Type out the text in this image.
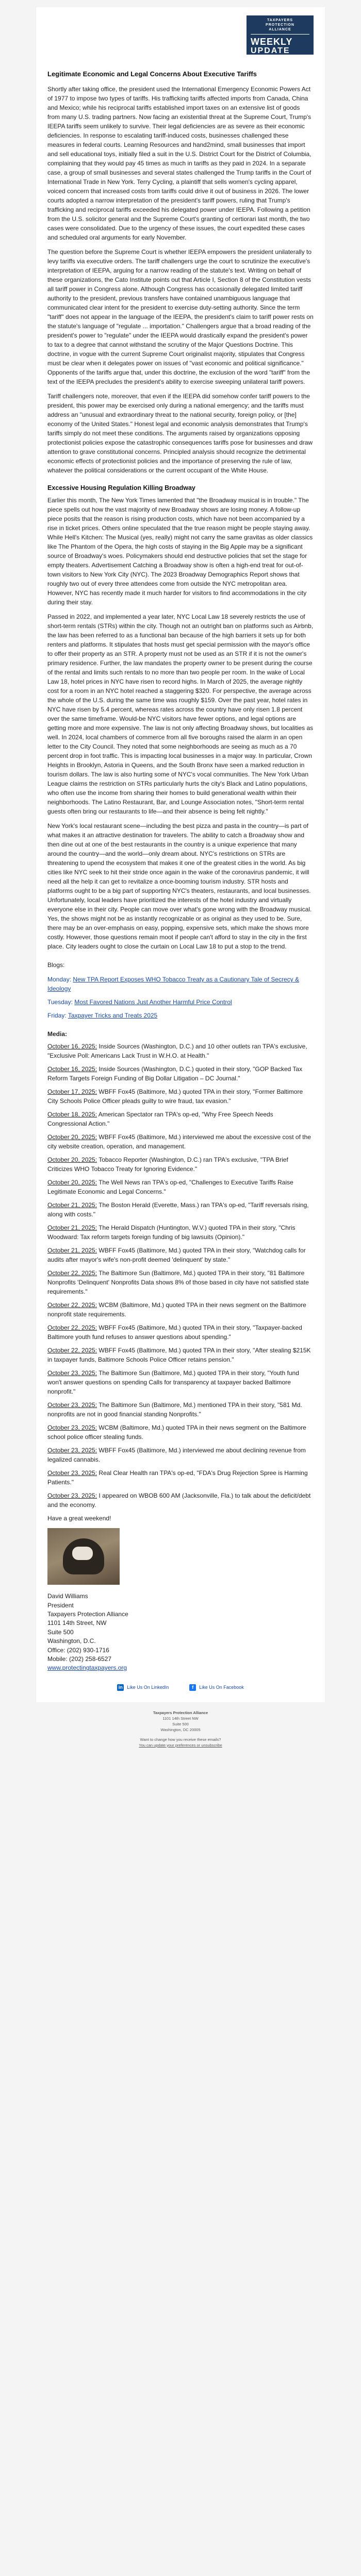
TAXPAYERS
PROTECTION
ALLIANCE
WEEKLY
UPDATE
Legitimate Economic and Legal Concerns About Executive Tariffs

Shortly after taking office, the president used the International Emergency Economic Powers Act of 1977 to impose two types of tariffs. His trafficking tariffs affected imports from Canada, China and Mexico; while his reciprocal tariffs established import taxes on an extensive list of goods from many U.S. trading partners. Now facing an existential threat at the Supreme Court, Trump's IEEPA tariffs seem unlikely to survive. Their legal deficiencies are as severe as their economic deficiencies. In response to escalating tariff-induced costs, businesses challenged these measures in federal courts. Learning Resources and hand2mind, small businesses that import and sell educational toys, initially filed a suit in the U.S. District Court for the District of Columbia, complaining that they would pay 45 times as much in tariffs as they paid in 2024. In a separate case, a group of small businesses and several states challenged the Trump tariffs in the Court of International Trade in New York. Terry Cycling, a plaintiff that sells women's cycling apparel, voiced concern that increased costs from tariffs could drive it out of business in 2026. The lower courts adopted a narrow interpretation of the president's tariff powers, ruling that Trump's trafficking and reciprocal tariffs exceeded his delegated power under IEEPA. Following a petition from the U.S. solicitor general and the Supreme Court's granting of certiorari last month, the two cases were consolidated. Due to the urgency of these issues, the court expedited these cases and scheduled oral arguments for early November.

The question before the Supreme Court is whether IEEPA empowers the president unilaterally to levy tariffs via executive orders. The tariff challengers urge the court to scrutinize the executive's interpretation of IEEPA, arguing for a narrow reading of the statute's text. Writing on behalf of these organizations, the Cato Institute points out that Article I, Section 8 of the Constitution vests all tariff power in Congress alone. Although Congress has occasionally delegated limited tariff authority to the president, previous transfers have contained unambiguous language that communicated clear intent for the president to exercise duty-setting authority. Since the term "tariff" does not appear in the language of the IEEPA, the president's claim to tariff power rests on the statute's language of "regulate ... importation." Challengers argue that a broad reading of the president's power to "regulate" under the IEEPA would drastically expand the president's power to tax to a degree that cannot withstand the scrutiny of the Major Questions Doctrine. This doctrine, in vogue with the current Supreme Court originalist majority, stipulates that Congress must be clear when it delegates power on issues of "vast economic and political significance." Opponents of the tariffs argue that, under this doctrine, the exclusion of the word "tariff" from the text of the IEEPA precludes the president's ability to exercise sweeping unilateral tariff powers.

Tariff challengers note, moreover, that even if the IEEPA did somehow confer tariff powers to the president, this power may be exercised only during a national emergency; and the tariffs must address an "unusual and extraordinary threat to the national security, foreign policy, or [the] economy of the United States." Honest legal and economic analysis demonstrates that Trump's tariffs simply do not meet these conditions. The arguments raised by organizations opposing protectionist policies expose the catastrophic consequences tariffs pose for businesses and draw attention to grave constitutional concerns. Principled analysis should recognize the detrimental economic effects of protectionist policies and the importance of preserving the rule of law, whatever the political considerations or the current occupant of the White House.

Excessive Housing Regulation Killing Broadway

Earlier this month, The New York Times lamented that "the Broadway musical is in trouble." The piece spells out how the vast majority of new Broadway shows are losing money. A follow-up piece posits that the reason is rising production costs, which have not been accompanied by a rise in ticket prices. Others online speculated that the true reason might be people staying away. While Hell's Kitchen: The Musical (yes, really) might not carry the same gravitas as older classics like The Phantom of the Opera, the high costs of staying in the Big Apple may be a significant source of Broadway's woes. Policymakers should end destructive policies that set the stage for empty theaters. Advertisement Catching a Broadway show is often a high-end treat for out-of-town visitors to New York City (NYC). The 2023 Broadway Demographics Report shows that roughly two out of every three attendees come from outside the NYC metropolitan area. However, NYC has recently made it much harder for visitors to find accommodations in the city during their stay.

Passed in 2022, and implemented a year later, NYC Local Law 18 severely restricts the use of short-term rentals (STRs) within the city. Though not an outright ban on platforms such as Airbnb, the law has been referred to as a functional ban because of the high barriers it sets up for both renters and platforms. It stipulates that hosts must get special permission with the mayor's office to offer their property as an STR. A property must not be used as an STR if it is not the owner's primary residence. Further, the law mandates the property owner to be present during the course of the rental and limits such rentals to no more than two people per room. In the wake of Local Law 18, hotel prices in NYC have risen to record highs. In March of 2025, the average nightly cost for a room in an NYC hotel reached a staggering $320. For perspective, the average across the whole of the U.S. during the same time was roughly $159. Over the past year, hotel rates in NYC have risen by 5.4 percent, whereas rates across the country have only risen 1.8 percent over the same timeframe. Would-be NYC visitors have fewer options, and legal options are getting more and more expensive. The law is not only affecting Broadway shows, but localities as well. In 2024, local chambers of commerce from all five boroughs raised the alarm in an open letter to the City Council. They noted that some neighborhoods are seeing as much as a 70 percent drop in foot traffic. This is impacting local businesses in a major way. In particular, Crown Heights in Brooklyn, Astoria in Queens, and the South Bronx have seen a marked reduction in tourism dollars. The law is also hurting some of NYC's vocal communities. The New York Urban League claims the restriction on STRs particularly hurts the city's Black and Latino populations, who often use the income from sharing their homes to build generational wealth within their neighborhoods. The Latino Restaurant, Bar, and Lounge Association notes, "Short-term rental guests often bring our restaurants to life—and their absence is being felt nightly."

New York's local restaurant scene—including the best pizza and pasta in the country—is part of what makes it an attractive destination for travelers. The ability to catch a Broadway show and then dine out at one of the best restaurants in the country is a unique experience that many around the country—and the world—only dream about. NYC's restrictions on STRs are threatening to upend the ecosystem that makes it one of the greatest cities in the world. As big cities like NYC seek to hit their stride once again in the wake of the coronavirus pandemic, it will need all the help it can get to revitalize a once-booming tourism industry. STR hosts and platforms ought to be a big part of supporting NYC's theaters, restaurants, and local businesses. Unfortunately, local leaders have prioritized the interests of the hotel industry and virtually everyone else in their city. People can move over what's gone wrong with the Broadway musical. Yes, the shows might not be as instantly recognizable or as original as they used to be. Sure, there may be an over-emphasis on easy, popping, expensive sets, which make the shows more costly. However, those questions remain moot if people can't afford to stay in the city in the first place. City leaders ought to close the curtain on Local Law 18 to put a stop to the trend.

Blogs:
Monday: New TPA Report Exposes WHO Tobacco Treaty as a Cautionary Tale of Secrecy & Ideology
Tuesday: Most Favored Nations Just Another Harmful Price Control
Friday: Taxpayer Tricks and Treats 2025
Media:

October 16, 2025: Inside Sources (Washington, D.C.) and 10 other outlets ran TPA's exclusive, "Exclusive Poll: Americans Lack Trust in W.H.O. at Health."

October 16, 2025: Inside Sources (Washington, D.C.) quoted in their story, "GOP Backed Tax Reform Targets Foreign Funding of Big Dollar Litigation – DC Journal."

October 17, 2025: WBFF Fox45 (Baltimore, Md.) quoted TPA in their story, "Former Baltimore City Schools Police Officer pleads guilty to wire fraud, tax evasion."

October 18, 2025: American Spectator ran TPA's op-ed, "Why Free Speech Needs Congressional Action."

October 20, 2025: WBFF Fox45 (Baltimore, Md.) interviewed me about the excessive cost of the city website creation, operation, and management.

October 20, 2025: Tobacco Reporter (Washington, D.C.) ran TPA's exclusive, "TPA Brief Criticizes WHO Tobacco Treaty for Ignoring Evidence."

October 20, 2025: The Well News ran TPA's op-ed, "Challenges to Executive Tariffs Raise Legitimate Economic and Legal Concerns."

October 21, 2025: The Boston Herald (Everette, Mass.) ran TPA's op-ed, "Tariff reversals rising, along with costs."

October 21, 2025: The Herald Dispatch (Huntington, W.V.) quoted TPA in their story, "Chris Woodward: Tax reform targets foreign funding of big lawsuits (Opinion)."

October 21, 2025: WBFF Fox45 (Baltimore, Md.) quoted TPA in their story, "Watchdog calls for audits after mayor's wife's non-profit deemed 'delinquent' by state."

October 22, 2025: The Baltimore Sun (Baltimore, Md.) quoted TPA in their story, "81 Baltimore Nonprofits 'Delinquent' Nonprofits Data shows 8% of those based in city have not satisfied state requirements."

October 22, 2025: WCBM (Baltimore, Md.) quoted TPA in their news segment on the Baltimore nonprofit state requirements.

October 22, 2025: WBFF Fox45 (Baltimore, Md.) quoted TPA in their story, "Taxpayer-backed Baltimore youth fund refuses to answer questions about spending."

October 22, 2025: WBFF Fox45 (Baltimore, Md.) quoted TPA in their story, "After stealing $215K in taxpayer funds, Baltimore Schools Police Officer retains pension."

October 23, 2025: The Baltimore Sun (Baltimore, Md.) quoted TPA in their story, "Youth fund won't answer questions on spending Calls for transparency at taxpayer backed Baltimore nonprofit."

October 23, 2025: The Baltimore Sun (Baltimore, Md.) mentioned TPA in their story, "581 Md. nonprofits are not in good financial standing Nonprofits."

October 23, 2025: WCBM (Baltimore, Md.) quoted TPA in their news segment on the Baltimore school police officer stealing funds.

October 23, 2025: WBFF Fox45 (Baltimore, Md.) interviewed me about declining revenue from legalized cannabis.

October 23, 2025: Real Clear Health ran TPA's op-ed, "FDA's Drug Rejection Spree is Harming Patients."

October 23, 2025: I appeared on WBOB 600 AM (Jacksonville, Fla.) to talk about the deficit/debt and the economy.

Have a great weekend!

David Williams
President
Taxpayers Protection Alliance
1101 14th Street, NW
Suite 500
Washington, D.C.
Office: (202) 930-1716
Mobile: (202) 258-6527
www.protectingtaxpayers.org
in Like Us On LinkedIn	f	Like Us On Facebook
Taxpayers Protection Alliance
1101 14th Street NW
Suite 500
Washington, DC 20005
Want to change how you receive these emails?
You can update your preferences or unsubscribe
